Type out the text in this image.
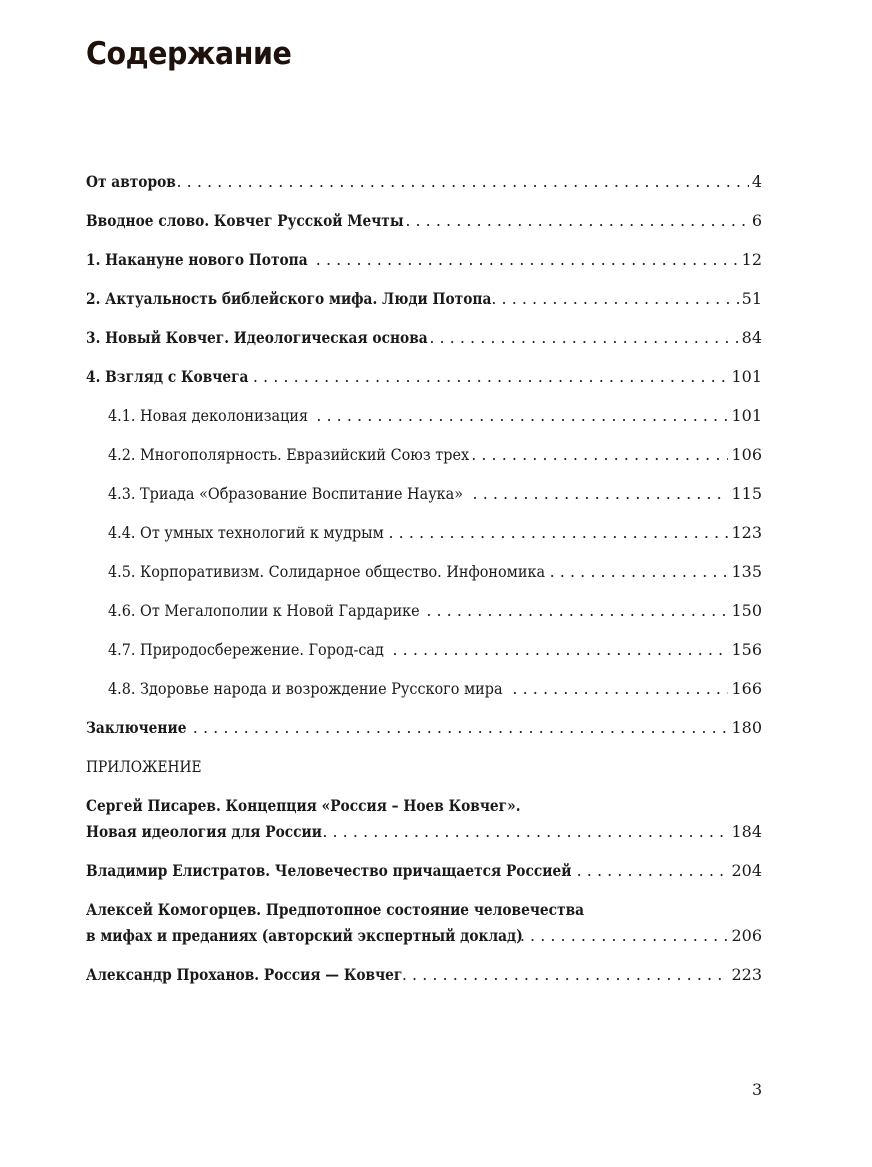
Содержание
От авторов . . .	4
Вводное слово. Ковчег Русской Мечты . . .	6
1. Накануне нового Потопа . . .	12
2. Актуальность библейского мифа. Люди Потопа . . .	51
3. Новый Ковчег. Идеологическая основа . . .	84
4. Взгляд с Ковчега . . .	101
4.1. Новая деколонизация . . .	101
4.2. Многополярность. Евразийский Союз трех . . .	106
4.3. Триада «Образование Воспитание Наука» . . .	115
4.4. От умных технологий к мудрым . . .	123
4.5. Корпоративизм. Солидарное общество. Инфономика . . .	135
4.6. От Мегалополии к Новой Гардарике . . .	150
4.7. Природосбережение. Город-сад . . .	156
4.8. Здоровье народа и возрождение Русского мира . . .	166
Заключение . . .	180
ПРИЛОЖЕНИЕ
Сергей Писарев. Концепция «Россия – Ноев Ковчег».
Новая идеология для России . . .	184
Владимир Елистратов. Человечество причащается Россией . . .	204
Алексей Комогорцев. Предпотопное состояние человечества
в мифах и преданиях (авторский экспертный доклад) . . .	206
Александр Проханов. Россия — Ковчег . . .	223
3
